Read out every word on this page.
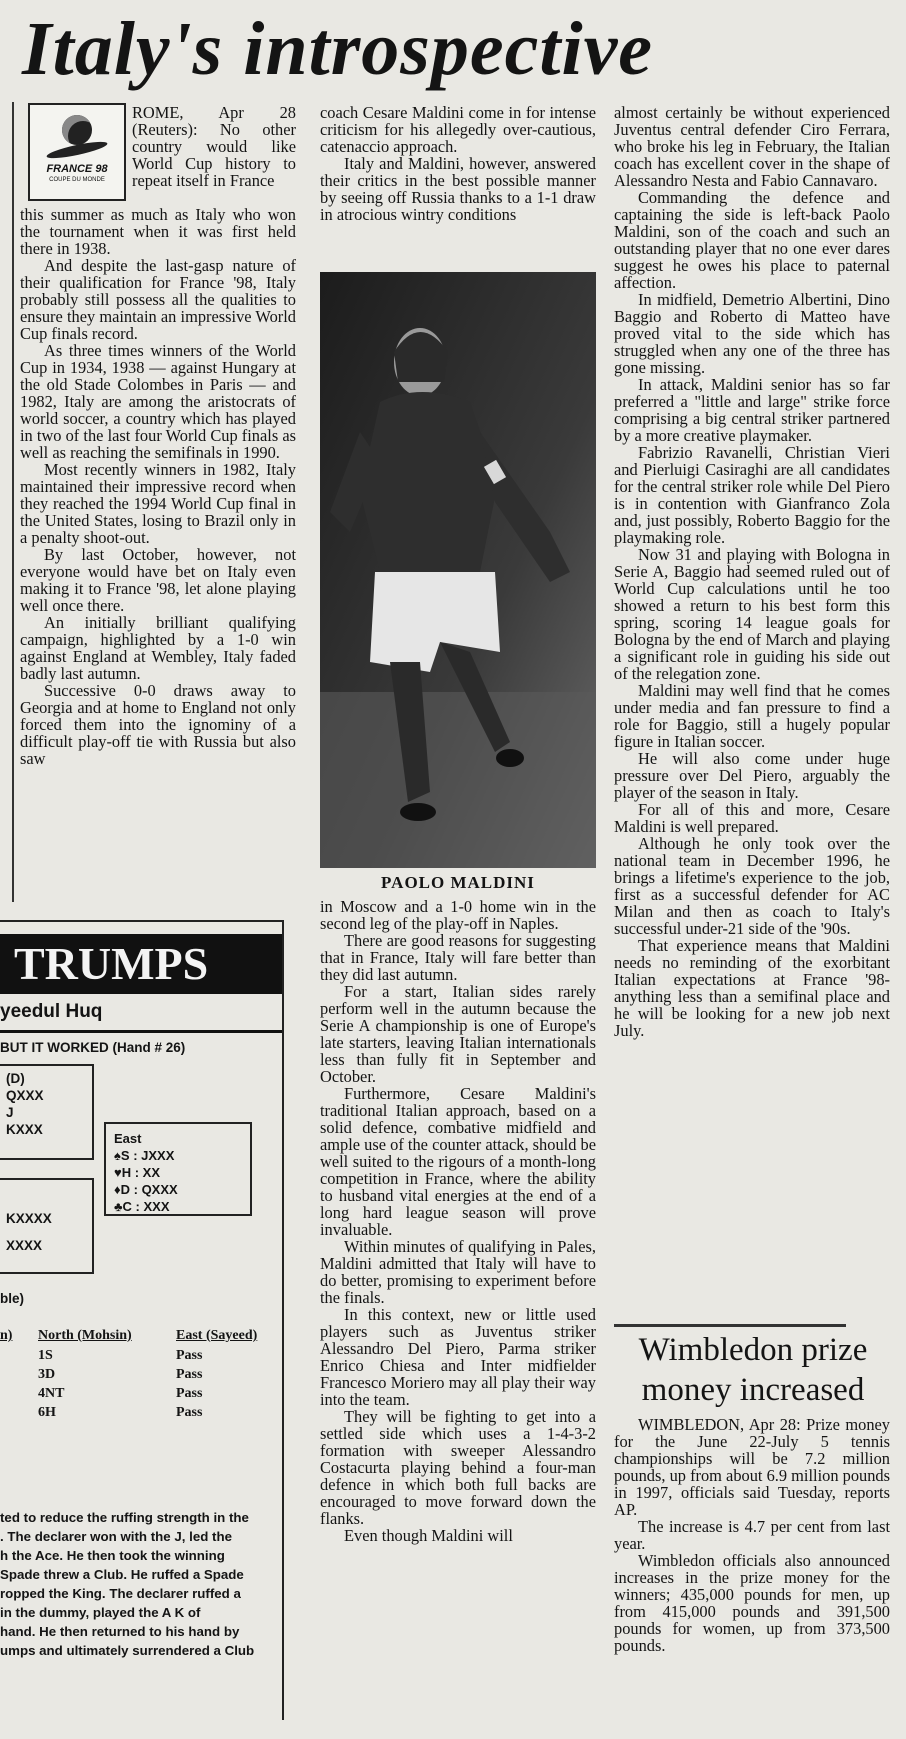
Italy's introspective
FRANCE 98
COUPE DU MONDE

ROME, Apr 28 (Reuters): No other country would like World Cup history to repeat itself in France

this summer as much as Italy who won the tournament when it was first held there in 1938.

And despite the last-gasp nature of their qualification for France '98, Italy probably still possess all the qualities to ensure they maintain an impressive World Cup finals record.

As three times winners of the World Cup in 1934, 1938 — against Hungary at the old Stade Colombes in Paris — and 1982, Italy are among the aristocrats of world soccer, a country which has played in two of the last four World Cup finals as well as reaching the semifinals in 1990.

Most recently winners in 1982, Italy maintained their impressive record when they reached the 1994 World Cup final in the United States, losing to Brazil only in a penalty shoot-out.

By last October, however, not everyone would have bet on Italy even making it to France '98, let alone playing well once there.

An initially brilliant qualifying campaign, highlighted by a 1-0 win against England at Wembley, Italy faded badly last autumn.

Successive 0-0 draws away to Georgia and at home to England not only forced them into the ignominy of a difficult play-off tie with Russia but also saw

coach Cesare Maldini come in for intense criticism for his allegedly over-cautious, catenaccio approach.

Italy and Maldini, however, answered their critics in the best possible manner by seeing off Russia thanks to a 1-1 draw in atrocious wintry conditions

PAOLO MALDINI

in Moscow and a 1-0 home win in the second leg of the play-off in Naples.

There are good reasons for suggesting that in France, Italy will fare better than they did last autumn.

For a start, Italian sides rarely perform well in the autumn because the Serie A championship is one of Europe's late starters, leaving Italian internationals less than fully fit in September and October.

Furthermore, Cesare Maldini's traditional Italian approach, based on a solid defence, combative midfield and ample use of the counter attack, should be well suited to the rigours of a month-long competition in France, where the ability to husband vital energies at the end of a long hard league season will prove invaluable.

Within minutes of qualifying in Pales, Maldini admitted that Italy will have to do better, promising to experiment before the finals.

In this context, new or little used players such as Juventus striker Alessandro Del Piero, Parma striker Enrico Chiesa and Inter midfielder Francesco Moriero may all play their way into the team.

They will be fighting to get into a settled side which uses a 1-4-3-2 formation with sweeper Alessandro Costacurta playing behind a four-man defence in which both full backs are encouraged to move forward down the flanks.

Even though Maldini will

almost certainly be without experienced Juventus central defender Ciro Ferrara, who broke his leg in February, the Italian coach has excellent cover in the shape of Alessandro Nesta and Fabio Cannavaro.

Commanding the defence and captaining the side is left-back Paolo Maldini, son of the coach and such an outstanding player that no one ever dares suggest he owes his place to paternal affection.

In midfield, Demetrio Albertini, Dino Baggio and Roberto di Matteo have proved vital to the side which has struggled when any one of the three has gone missing.

In attack, Maldini senior has so far preferred a "little and large" strike force comprising a big central striker partnered by a more creative playmaker.

Fabrizio Ravanelli, Christian Vieri and Pierluigi Casiraghi are all candidates for the central striker role while Del Piero is in contention with Gianfranco Zola and, just possibly, Roberto Baggio for the playmaking role.

Now 31 and playing with Bologna in Serie A, Baggio had seemed ruled out of World Cup calculations until he too showed a return to his best form this spring, scoring 14 league goals for Bologna by the end of March and playing a significant role in guiding his side out of the relegation zone.

Maldini may well find that he comes under media and fan pressure to find a role for Baggio, still a hugely popular figure in Italian soccer.

He will also come under huge pressure over Del Piero, arguably the player of the season in Italy.

For all of this and more, Cesare Maldini is well prepared.

Although he only took over the national team in December 1996, he brings a lifetime's experience to the job, first as a successful defender for AC Milan and then as coach to Italy's successful under-21 side of the '90s.

That experience means that Maldini needs no reminding of the exorbitant Italian expectations at France '98-anything less than a semifinal place and he will be looking for a new job next July.

Wimbledon prize
money increased

WIMBLEDON, Apr 28: Prize money for the June 22-July 5 tennis championships will be 7.2 million pounds, up from about 6.9 million pounds in 1997, officials said Tuesday, reports AP.

The increase is 4.7 per cent from last year.

Wimbledon officials also announced increases in the prize money for the winners; 435,000 pounds for men, up from 415,000 pounds and 391,500 pounds for women, up from 373,500 pounds.

TRUMPS
yeedul Huq
BUT IT WORKED (Hand # 26)
(D)
QXXX
J
KXXX
East
♠S : JXXX
♥H : XX
♦D : QXXX
♣C : XXX
KXXXX
XXXX
ble)
n) North (Mohsin)	East (Sayeed)
1S	Pass
3D	Pass
4NT	Pass
6H	Pass
ted to reduce the ruffing strength in the
. The declarer won with the J, led the
h the Ace. He then took the winning
Spade threw a Club. He ruffed a Spade
ropped the King. The declarer ruffed a
in the dummy, played the A K of
hand. He then returned to his hand by
umps and ultimately surrendered a Club
